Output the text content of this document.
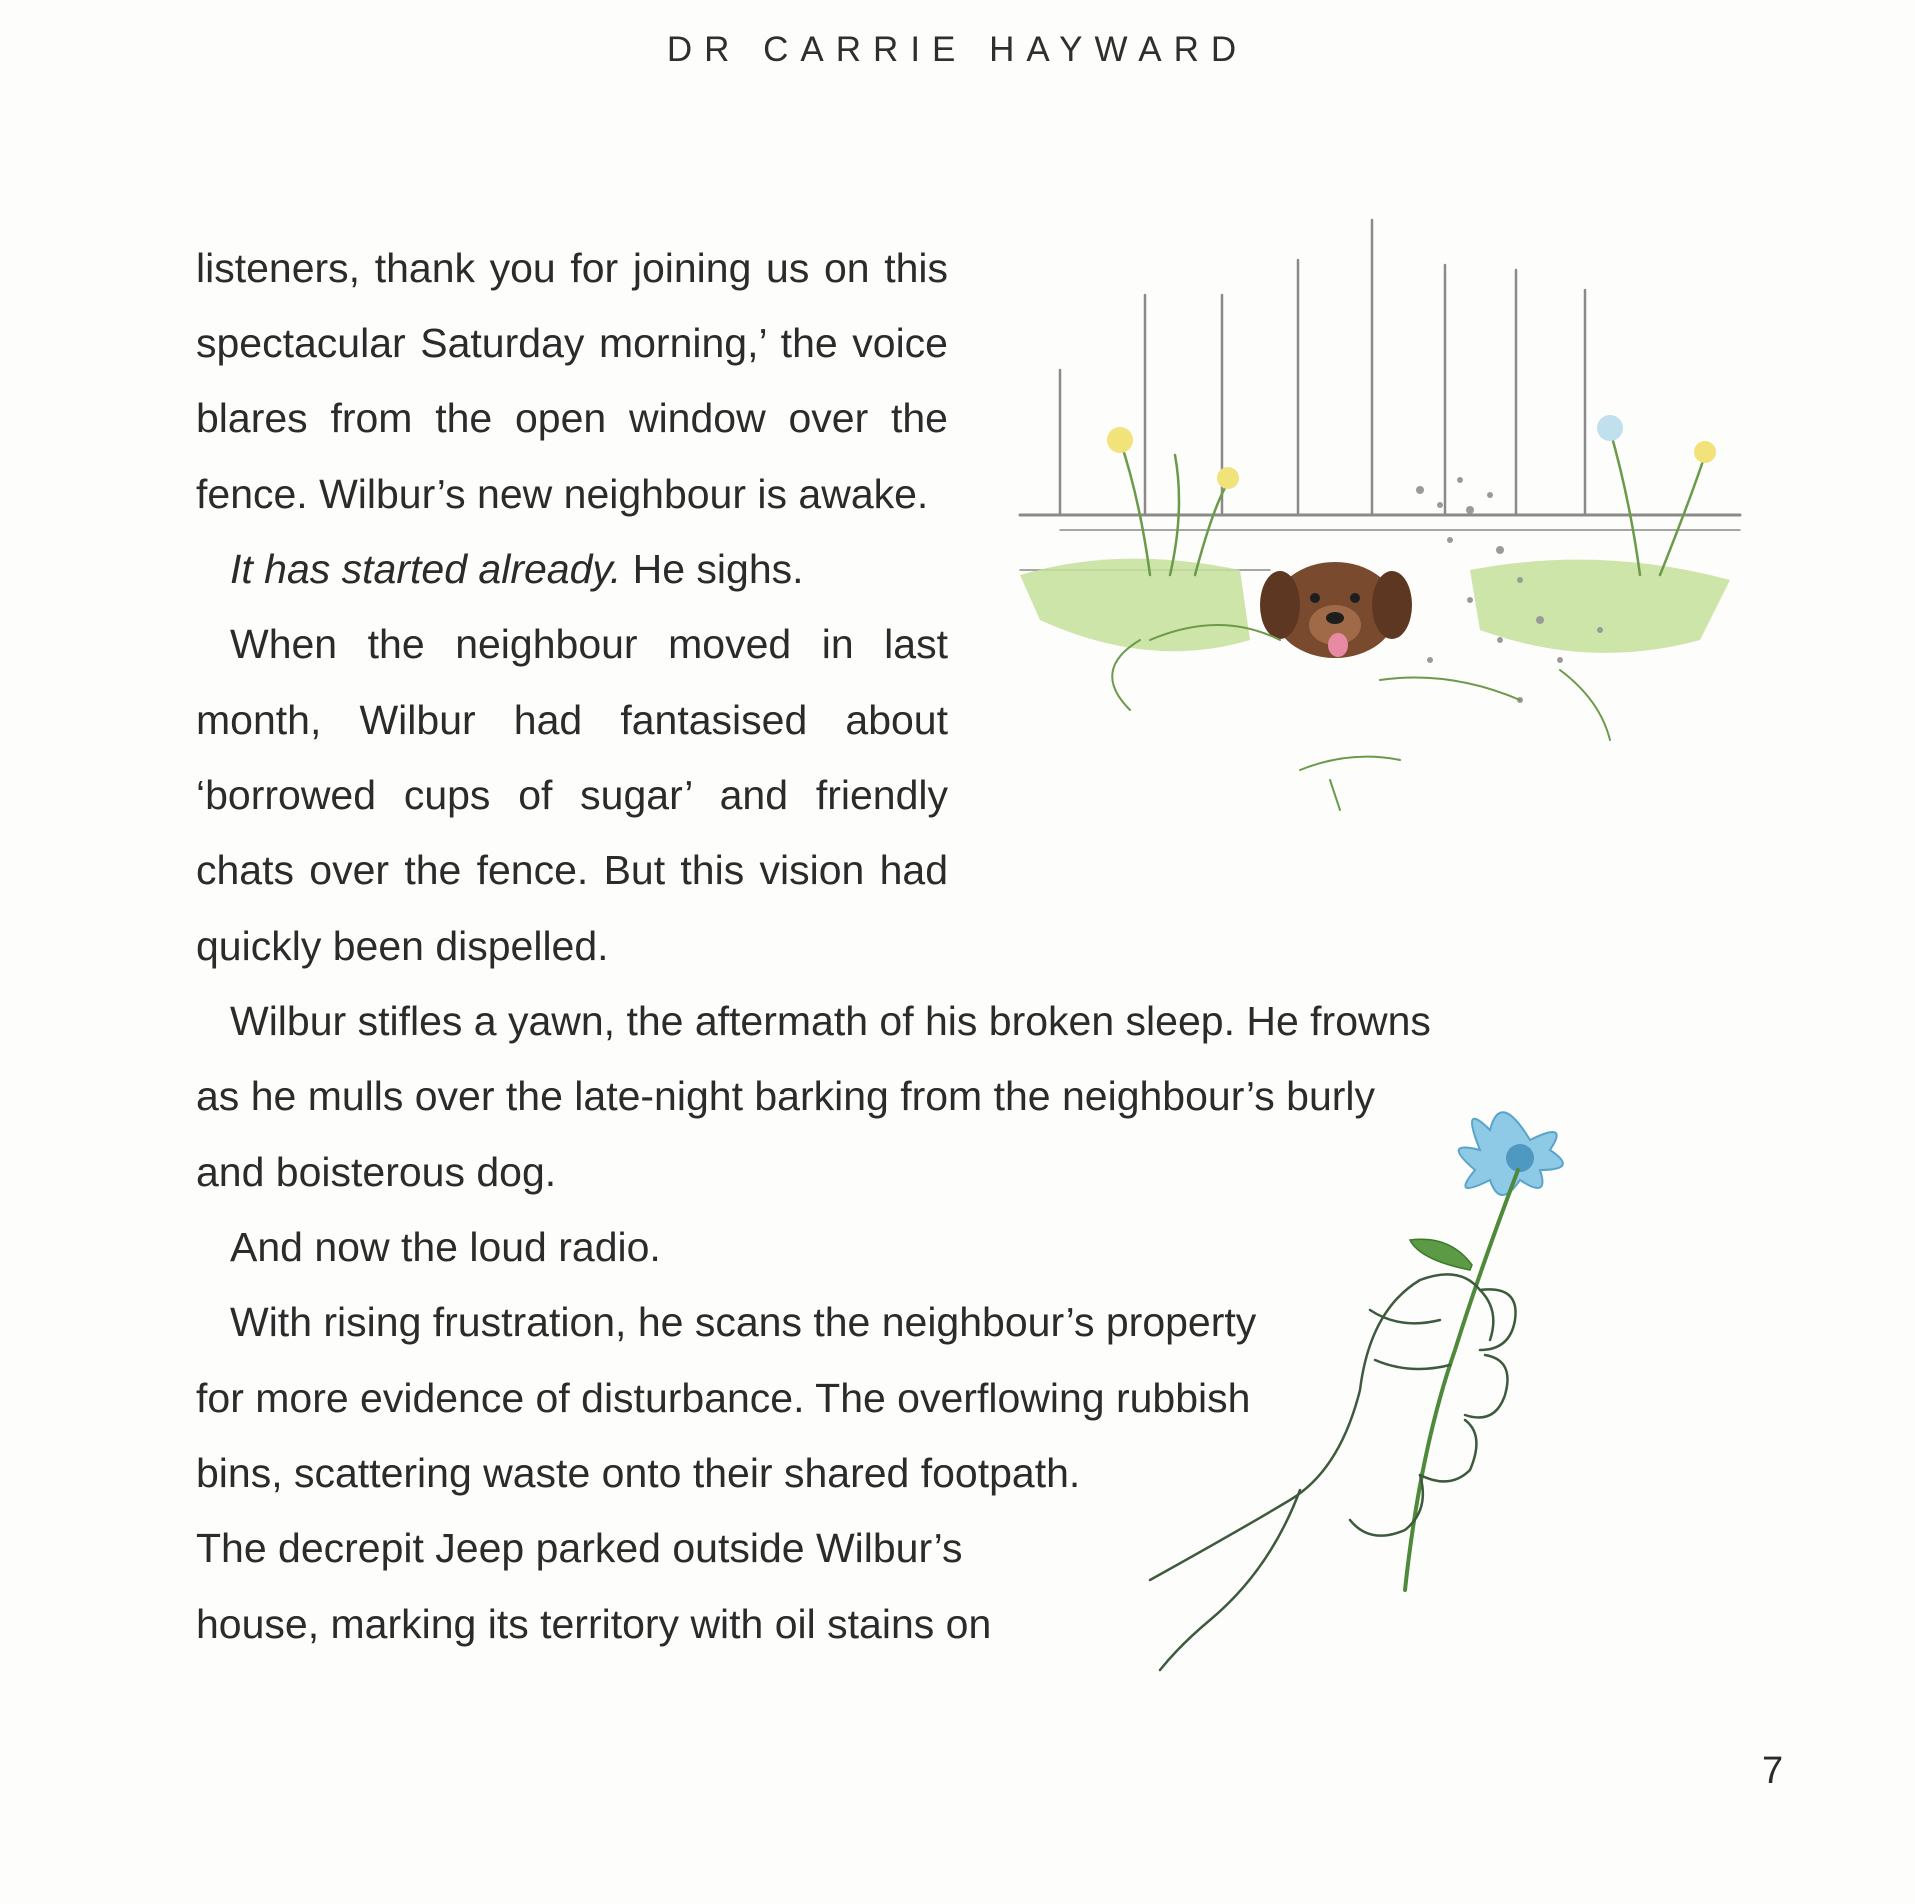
DR CARRIE HAYWARD
listeners, thank you for joining us on this
spectacular Saturday morning,’ the voice
blares from the open window over the
fence. Wilbur’s new neighbour is awake.
It has started already. He sighs.
When the neighbour moved in last
month, Wilbur had fantasised about
‘borrowed cups of sugar’ and friendly
chats over the fence. But this vision had
quickly been dispelled.
Wilbur stifles a yawn, the aftermath of his broken sleep. He frowns
as he mulls over the late-night barking from the neighbour’s burly
and boisterous dog.
And now the loud radio.
With rising frustration, he scans the neighbour’s property
for more evidence of disturbance. The overflowing rubbish
bins, scattering waste onto their shared footpath.
The decrepit Jeep parked outside Wilbur’s
house, marking its territory with oil stains on
7
